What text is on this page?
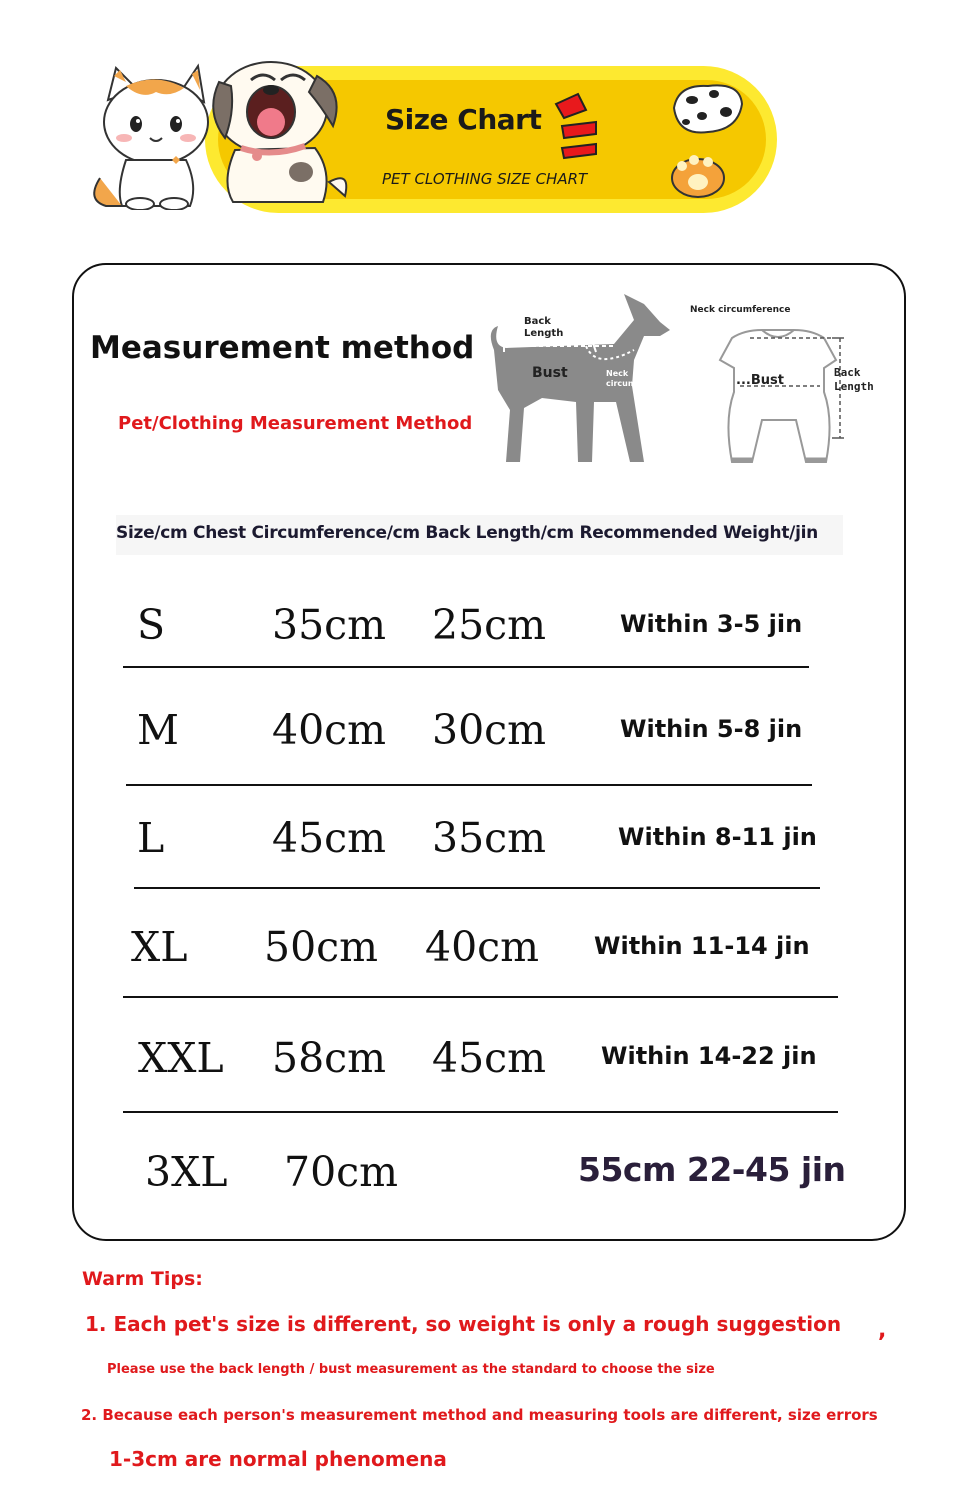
Size Chart
PET CLOTHING SIZE CHART
Measurement method
Pet/Clothing Measurement Method
Back
Length
Bust	Neck
circumference
Neck circumference
...Bust
Back
Length
Size/cm Chest Circumference/cm Back Length/cm Recommended Weight/jin
S	35cm 25cm	Within 3-5 jin
M 40cm 30cm	Within 5-8 jin
L	45cm 35cm	Within 8-11 jin
XL 50cm 40cm Within 11-14 jin
XXL 58cm 45cm Within 14-22 jin
3XL 70cm	55cm 22-45 jin
Warm Tips:
1. Each pet's size is different, so weight is only a rough suggestion ,
Please use the back length / bust measurement as the standard to choose the size
2. Because each person's measurement method and measuring tools are different, size errors
1-3cm are normal phenomena
